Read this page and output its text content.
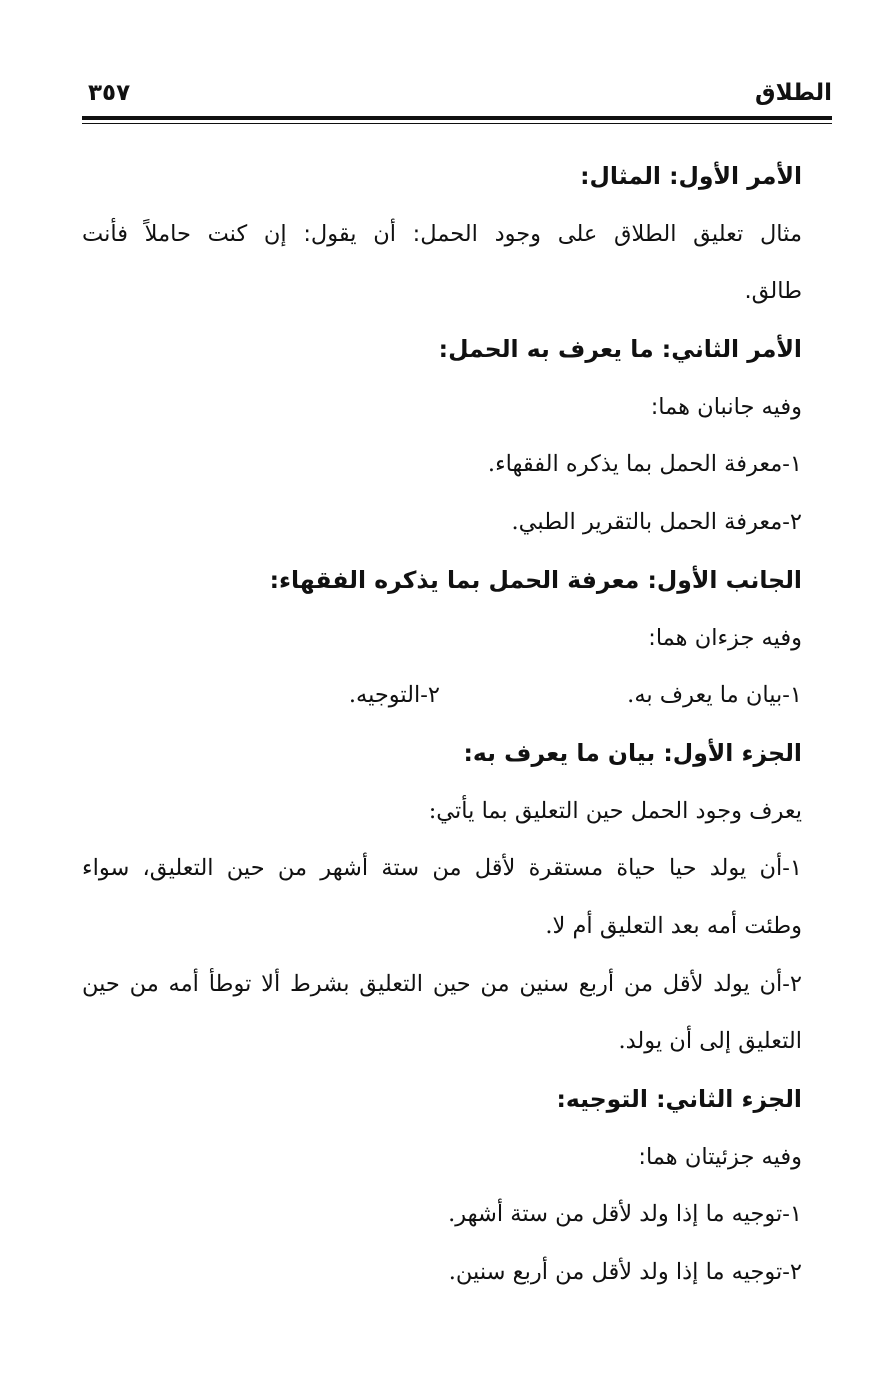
الطلاق
٣٥٧
الأمر الأول: المثال:
مثال تعليق الطلاق على وجود الحمل: أن يقول: إن كنت حاملاً فأنت
طالق.
الأمر الثاني: ما يعرف به الحمل:
وفيه جانبان هما:
١-معرفة الحمل بما يذكره الفقهاء.
٢-معرفة الحمل بالتقرير الطبي.
الجانب الأول: معرفة الحمل بما يذكره الفقهاء:
وفيه جزءان هما:
١-بيان ما يعرف به.
٢-التوجيه.
الجزء الأول: بيان ما يعرف به:
يعرف وجود الحمل حين التعليق بما يأتي:
١-أن يولد حيا حياة مستقرة لأقل من ستة أشهر من حين التعليق، سواء
وطئت أمه بعد التعليق أم لا.
٢-أن يولد لأقل من أربع سنين من حين التعليق بشرط ألا توطأ أمه من حين
التعليق إلى أن يولد.
الجزء الثاني: التوجيه:
وفيه جزئيتان هما:
١-توجيه ما إذا ولد لأقل من ستة أشهر.
٢-توجيه ما إذا ولد لأقل من أربع سنين.
